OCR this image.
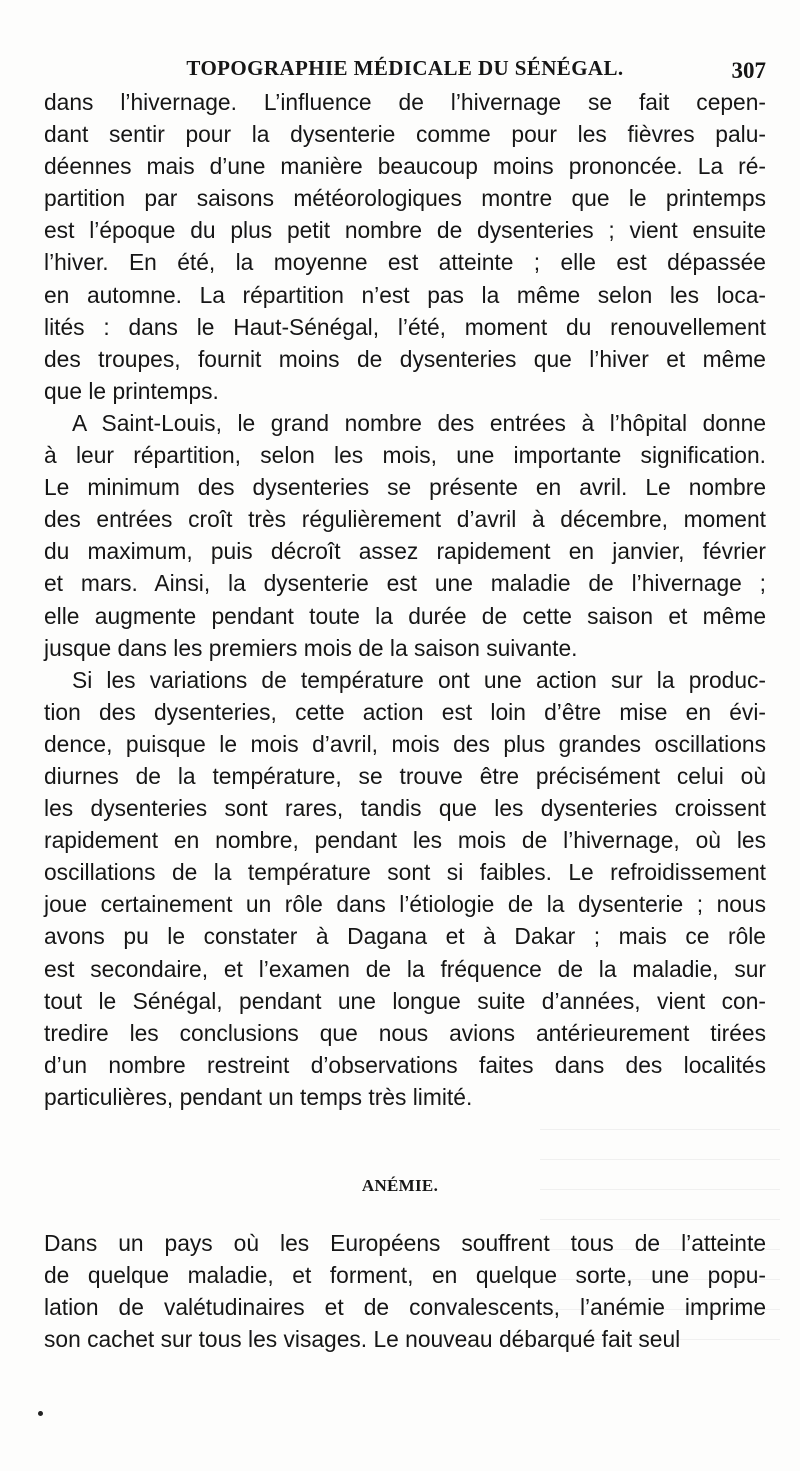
TOPOGRAPHIE MÉDICALE DU SÉNÉGAL.	307
dans l’hivernage. L’influence de l’hivernage se fait cepen-
dant sentir pour la dysenterie comme pour les fièvres palu-
déennes mais d’une manière beaucoup moins prononcée. La ré-
partition par saisons météorologiques montre que le printemps
est l’époque du plus petit nombre de dysenteries ; vient ensuite
l’hiver. En été, la moyenne est atteinte ; elle est dépassée
en automne. La répartition n’est pas la même selon les loca-
lités : dans le Haut-Sénégal, l’été, moment du renouvellement
des troupes, fournit moins de dysenteries que l’hiver et même
que le printemps.
A Saint-Louis, le grand nombre des entrées à l’hôpital donne
à leur répartition, selon les mois, une importante signification.
Le minimum des dysenteries se présente en avril. Le nombre
des entrées croît très régulièrement d’avril à décembre, moment
du maximum, puis décroît assez rapidement en janvier, février
et mars. Ainsi, la dysenterie est une maladie de l’hivernage ;
elle augmente pendant toute la durée de cette saison et même
jusque dans les premiers mois de la saison suivante.
Si les variations de température ont une action sur la produc-
tion des dysenteries, cette action est loin d’être mise en évi-
dence, puisque le mois d’avril, mois des plus grandes oscillations
diurnes de la température, se trouve être précisément celui où
les dysenteries sont rares, tandis que les dysenteries croissent
rapidement en nombre, pendant les mois de l’hivernage, où les
oscillations de la température sont si faibles. Le refroidissement
joue certainement un rôle dans l’étiologie de la dysenterie ; nous
avons pu le constater à Dagana et à Dakar ; mais ce rôle
est secondaire, et l’examen de la fréquence de la maladie, sur
tout le Sénégal, pendant une longue suite d’années, vient con-
tredire les conclusions que nous avions antérieurement tirées
d’un nombre restreint d’observations faites dans des localités
particulières, pendant un temps très limité.
ANÉMIE.
Dans un pays où les Européens souffrent tous de l’atteinte
de quelque maladie, et forment, en quelque sorte, une popu-
lation de valétudinaires et de convalescents, l’anémie imprime
son cachet sur tous les visages. Le nouveau débarqué fait seul
